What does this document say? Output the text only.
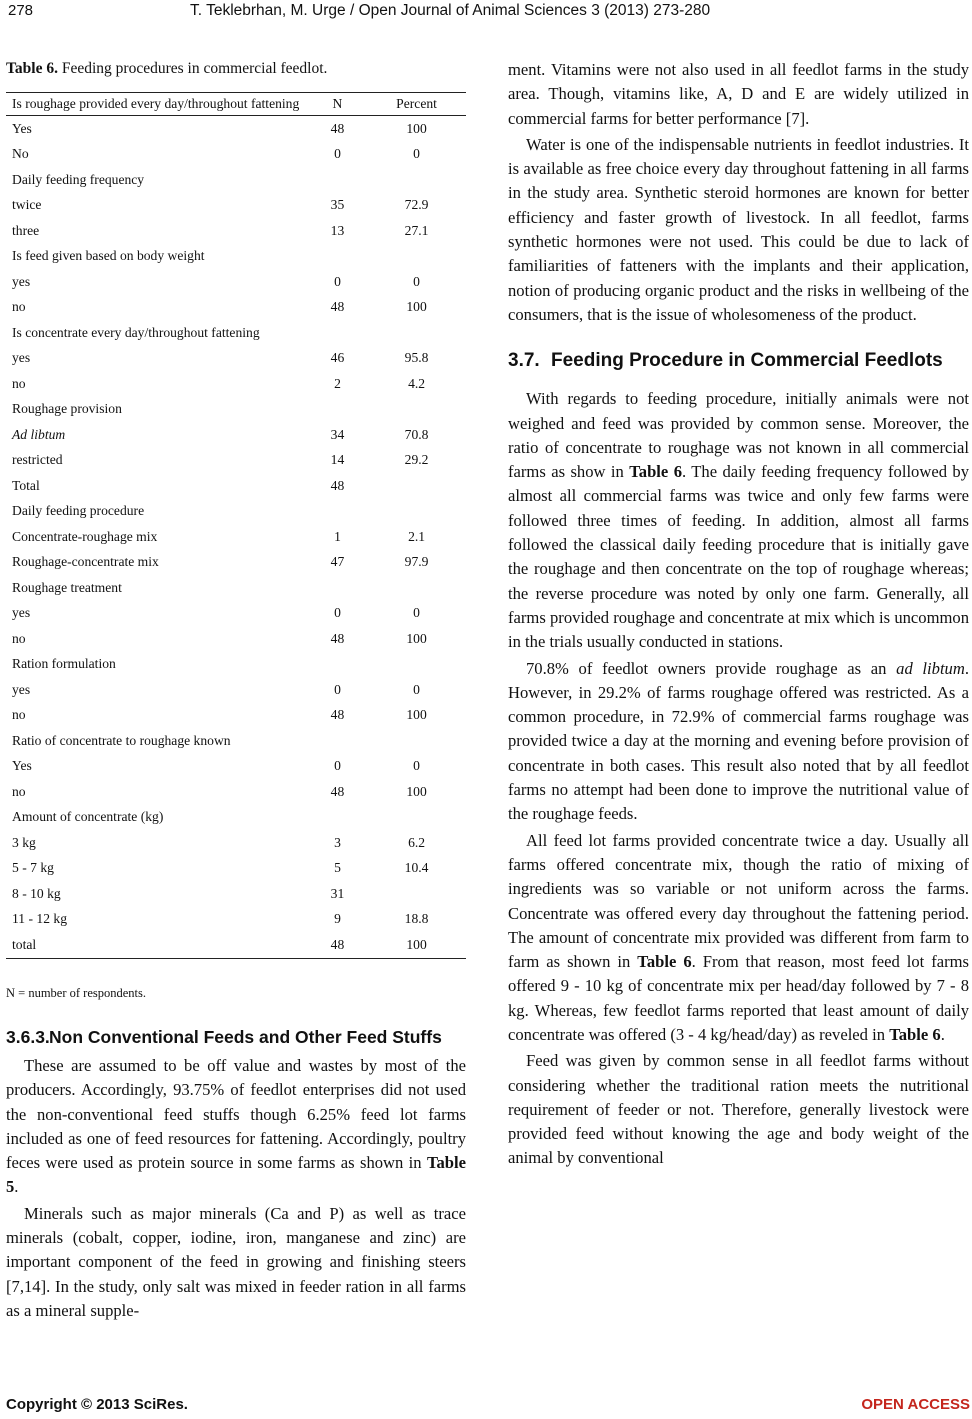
278	T. Teklebrhan, M. Urge / Open Journal of Animal Sciences 3 (2013) 273-280
Table 6. Feeding procedures in commercial feedlot.
Is roughage provided every day/throughout fattening	N	Percent
Yes	48	100
No	0	0
Daily feeding frequency		
twice	35	72.9
three	13	27.1
Is feed given based on body weight		
yes	0	0
no	48	100
Is concentrate every day/throughout fattening		
yes	46	95.8
no	2	4.2
Roughage provision		
Ad libtum	34	70.8
restricted	14	29.2
Total	48	
Daily feeding procedure		
Concentrate-roughage mix	1	2.1
Roughage-concentrate mix	47	97.9
Roughage treatment		
yes	0	0
no	48	100
Ration formulation		
yes	0	0
no	48	100
Ratio of concentrate to roughage known		
Yes	0	0
no	48	100
Amount of concentrate (kg)		
3 kg	3	6.2
5 - 7 kg	5	10.4
8 - 10 kg	31	
11 - 12 kg	9	18.8
total	48	100
N = number of respondents.
3.6.3.Non Conventional Feeds and Other Feed Stuffs

These are assumed to be off value and wastes by most of the producers. Accordingly, 93.75% of feedlot enterprises did not used the non-conventional feed stuffs though 6.25% feed lot farms included as one of feed resources for fattening. Accordingly, poultry feces were used as protein source in some farms as shown in Table 5.

Minerals such as major minerals (Ca and P) as well as trace minerals (cobalt, copper, iodine, iron, manganese and zinc) are important component of the feed in growing and finishing steers [7,14]. In the study, only salt was mixed in feeder ration in all farms as a mineral supple-

ment. Vitamins were not also used in all feedlot farms in the study area. Though, vitamins like, A, D and E are widely utilized in commercial farms for better performance [7].

Water is one of the indispensable nutrients in feedlot industries. It is available as free choice every day throughout fattening in all farms in the study area. Synthetic steroid hormones are known for better efficiency and faster growth of livestock. In all feedlot, farms synthetic hormones were not used. This could be due to lack of familiarities of fatteners with the implants and their application, notion of producing organic product and the risks in wellbeing of the consumers, that is the issue of wholesomeness of the product.

3.7. Feeding Procedure in Commercial Feedlots

With regards to feeding procedure, initially animals were not weighed and feed was provided by common sense. Moreover, the ratio of concentrate to roughage was not known in all commercial farms as show in Table 6. The daily feeding frequency followed by almost all commercial farms was twice and only few farms were followed three times of feeding. In addition, almost all farms followed the classical daily feeding procedure that is initially gave the roughage and then concentrate on the top of roughage whereas; the reverse procedure was noted by only one farm. Generally, all farms provided roughage and concentrate at mix which is uncommon in the trials usually conducted in stations.

70.8% of feedlot owners provide roughage as an ad libtum. However, in 29.2% of farms roughage offered was restricted. As a common procedure, in 72.9% of commercial farms roughage was provided twice a day at the morning and evening before provision of concentrate in both cases. This result also noted that by all feedlot farms no attempt had been done to improve the nutritional value of the roughage feeds.

All feed lot farms provided concentrate twice a day. Usually all farms offered concentrate mix, though the ratio of mixing of ingredients was so variable or not uniform across the farms. Concentrate was offered every day throughout the fattening period. The amount of concentrate mix provided was different from farm to farm as shown in Table 6. From that reason, most feed lot farms offered 9 - 10 kg of concentrate mix per head/day followed by 7 - 8 kg. Whereas, few feedlot farms reported that least amount of daily concentrate was offered (3 - 4 kg/head/day) as reveled in Table 6.

Feed was given by common sense in all feedlot farms without considering whether the traditional ration meets the nutritional requirement of feeder or not. Therefore, generally livestock were provided feed without knowing the age and body weight of the animal by conventional

Copyright © 2013 SciRes.	OPEN ACCESS
